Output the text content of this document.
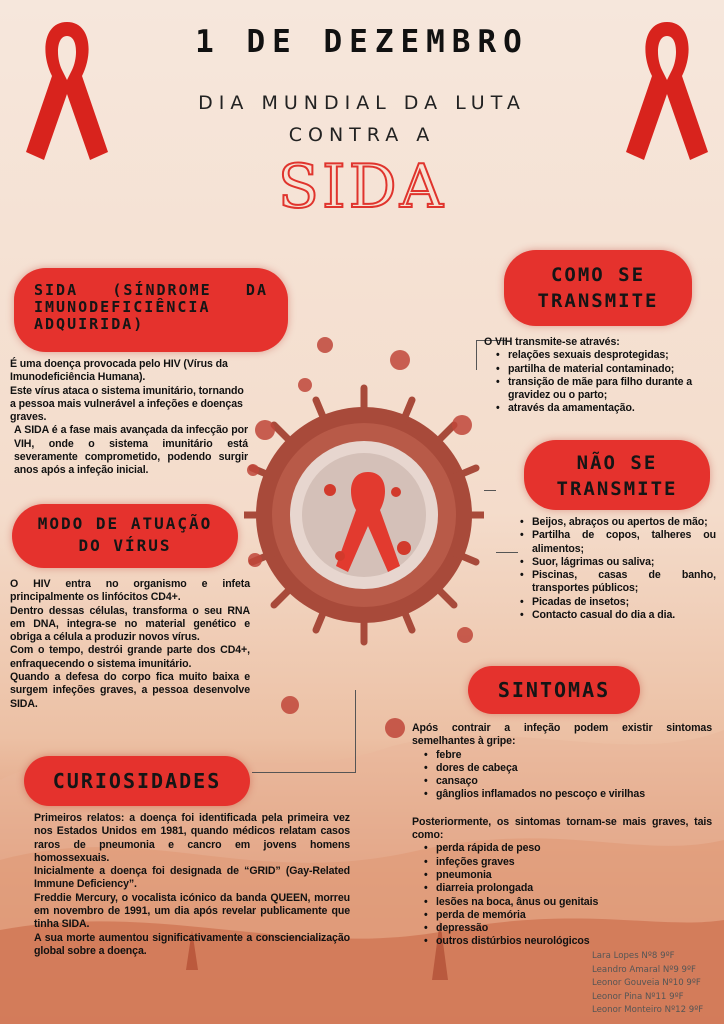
1 DE DEZEMBRO
DIA MUNDIAL DA LUTA
CONTRA A
SIDA
SIDA (SÍNDROME DA IMUNODEFICIÊNCIA ADQUIRIDA)
É uma doença provocada pelo HIV (Vírus da Imunodeficiência Humana).
Este vírus ataca o sistema imunitário, tornando a pessoa mais vulnerável a infeções e doenças graves.
A SIDA é a fase mais avançada da infecção por VIH, onde o sistema imunitário está severamente comprometido, podendo surgir anos após a infeção inicial.
MODO DE ATUAÇÃO
DO VÍRUS
O HIV entra no organismo e infeta principalmente os linfócitos CD4+.
Dentro dessas células, transforma o seu RNA em DNA, integra-se no material genético e obriga a célula a produzir novos vírus.
Com o tempo, destrói grande parte dos CD4+, enfraquecendo o sistema imunitário.
Quando a defesa do corpo fica muito baixa e surgem infeções graves, a pessoa desenvolve SIDA.
CURIOSIDADES
Primeiros relatos: a doença foi identificada pela primeira vez nos Estados Unidos em 1981, quando médicos relatam casos raros de pneumonia e cancro em jovens homens homossexuais.
Inicialmente a doença foi designada de “GRID” (Gay-Related Immune Deficiency”.
Freddie Mercury, o vocalista icónico da banda QUEEN, morreu em novembro de 1991, um dia após revelar publicamente que tinha SIDA.
A sua morte aumentou significativamente a consciencialização global sobre a doença.
COMO SE
TRANSMITE
O VIH transmite-se através:
• relações sexuais desprotegidas;
• partilha de material contaminado;
• transição de mãe para filho durante a gravidez ou o parto;
• através da amamentação.
NÃO SE
TRANSMITE
• Beijos, abraços ou apertos de mão;
• Partilha de copos, talheres ou alimentos;
• Suor, lágrimas ou saliva;
• Piscinas, casas de banho, transportes públicos;
• Picadas de insetos;
• Contacto casual do dia a dia.
SINTOMAS
Após contrair a infeção podem existir sintomas semelhantes à gripe:
• febre
• dores de cabeça
• cansaço
• gânglios inflamados no pescoço e virilhas
Posteriormente, os sintomas tornam-se mais graves, tais como:
• perda rápida de peso
• infeções graves
• pneumonia
• diarreia prolongada
• lesões na boca, ânus ou genitais
• perda de memória
• depressão
• outros distúrbios neurológicos
Lara Lopes Nº8 9ºF
Leandro Amaral Nº9 9ºF
Leonor Gouveia Nº10 9ºF
Leonor Pina Nº11 9ºF
Leonor Monteiro Nº12 9ºF
